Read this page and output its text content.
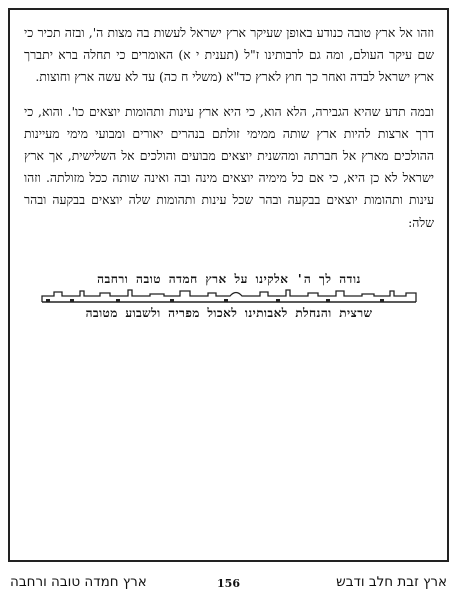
וזהו אל ארץ טובה כנודע באופן שעיקר ארץ ישראל לעשות בה מצות ה', ובזה תכיר כי שם עיקר העולם, ומה גם לרבותינו ז"ל (תענית י א) האומרים כי תחלה ברא יתברך ארץ ישראל לבדה ואחר כך חוץ לארץ כד"א (משלי ח כה) עד לא עשה ארץ וחוצות.

ובמה תדע שהיא הגבירה, הלא הוא, כי היא ארץ עינות ותהומות יוצאים כו'. והוא, כי דרך ארצות להיות ארץ שותה ממימי זולתם בנהרים יאורים ומבועי מימי מעיינות ההולכים מארץ אל חברתה ומהשנית יוצאים מבועים והולכים אל השלישית, אך ארץ ישראל לא כן היא, כי אם כל מימיה יוצאים מינה ובה ואינה שותה ככל מזולתה. וזהו עינות ותהומות יוצאים בבקעה ובהר שכל עינות ותהומות שלה יוצאים בבקעה ובהר שלה:

נודה לך ה' אלקינו על ארץ חמדה טובה ורחבה
שרצית והנחלת לאבותינו לאכול מפריה ולשבוע מטובה
ארץ זבת חלב ודבש
156
ארץ חמדה טובה ורחבה
